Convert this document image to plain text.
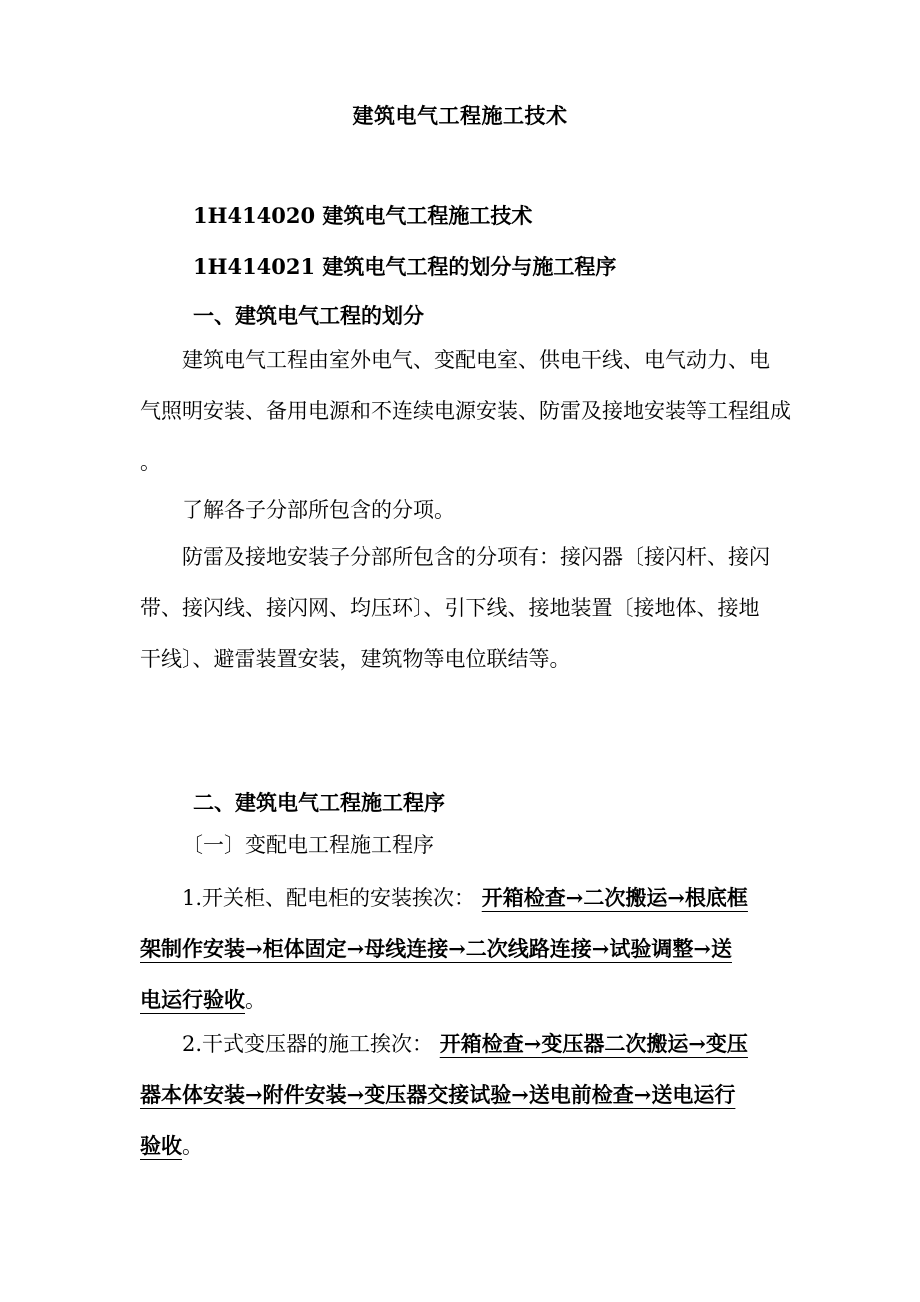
建筑电气工程施工技术
1H414020 建筑电气工程施工技术
1H414021 建筑电气工程的划分与施工程序
一、建筑电气工程的划分
建筑电气工程由室外电气、变配电室、供电干线、电气动力、电
气照明安装、备用电源和不连续电源安装、防雷及接地安装等工程组成
。
了解各子分部所包含的分项。
防雷及接地安装子分部所包含的分项有：接闪器〔接闪杆、接闪
带、接闪线、接闪网、均压环〕、引下线、接地装置〔接地体、接地
干线〕、避雷装置安装，建筑物等电位联结等。
二、建筑电气工程施工程序
〔一〕变配电工程施工程序
1.开关柜、配电柜的安装挨次： 开箱检查→二次搬运→根底框
架制作安装→柜体固定→母线连接→二次线路连接→试验调整→送
电运行验收。
2.干式变压器的施工挨次： 开箱检查→变压器二次搬运→变压
器本体安装→附件安装→变压器交接试验→送电前检查→送电运行
验收。
